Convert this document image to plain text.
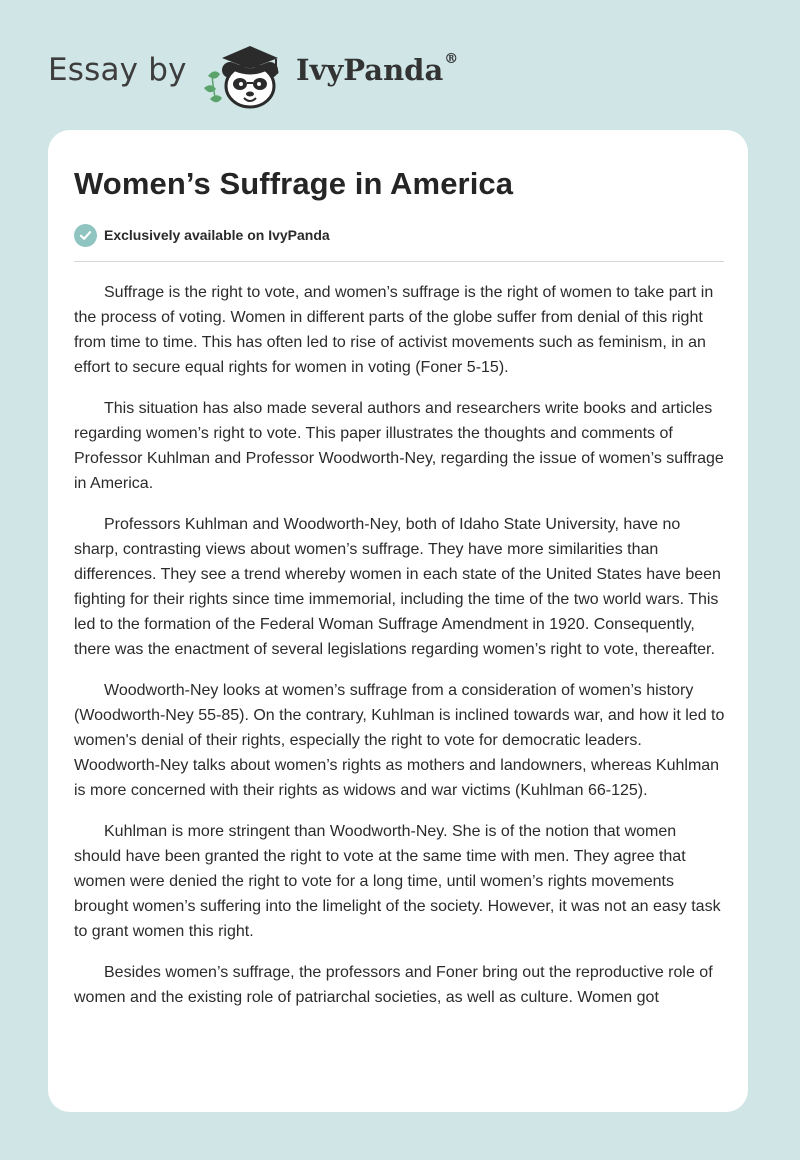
Essay by	IvyPanda®
Women’s Suffrage in America
Exclusively available on IvyPanda

Suffrage is the right to vote, and women’s suffrage is the right of women to take part in the process of voting. Women in different parts of the globe suffer from denial of this right from time to time. This has often led to rise of activist movements such as feminism, in an effort to secure equal rights for women in voting (Foner 5-15).

This situation has also made several authors and researchers write books and articles regarding women’s right to vote. This paper illustrates the thoughts and comments of Professor Kuhlman and Professor Woodworth-Ney, regarding the issue of women’s suffrage in America.

Professors Kuhlman and Woodworth-Ney, both of Idaho State University, have no sharp, contrasting views about women’s suffrage. They have more similarities than differences. They see a trend whereby women in each state of the United States have been fighting for their rights since time immemorial, including the time of the two world wars. This led to the formation of the Federal Woman Suffrage Amendment in 1920. Consequently, there was the enactment of several legislations regarding women’s right to vote, thereafter.

Woodworth-Ney looks at women’s suffrage from a consideration of women’s history (Woodworth-Ney 55-85). On the contrary, Kuhlman is inclined towards war, and how it led to women's denial of their rights, especially the right to vote for democratic leaders. Woodworth-Ney talks about women’s rights as mothers and landowners, whereas Kuhlman is more concerned with their rights as widows and war victims (Kuhlman 66-125).

Kuhlman is more stringent than Woodworth-Ney. She is of the notion that women should have been granted the right to vote at the same time with men. They agree that women were denied the right to vote for a long time, until women’s rights movements brought women’s suffering into the limelight of the society. However, it was not an easy task to grant women this right.

Besides women’s suffrage, the professors and Foner bring out the reproductive role of women and the existing role of patriarchal societies, as well as culture. Women got
